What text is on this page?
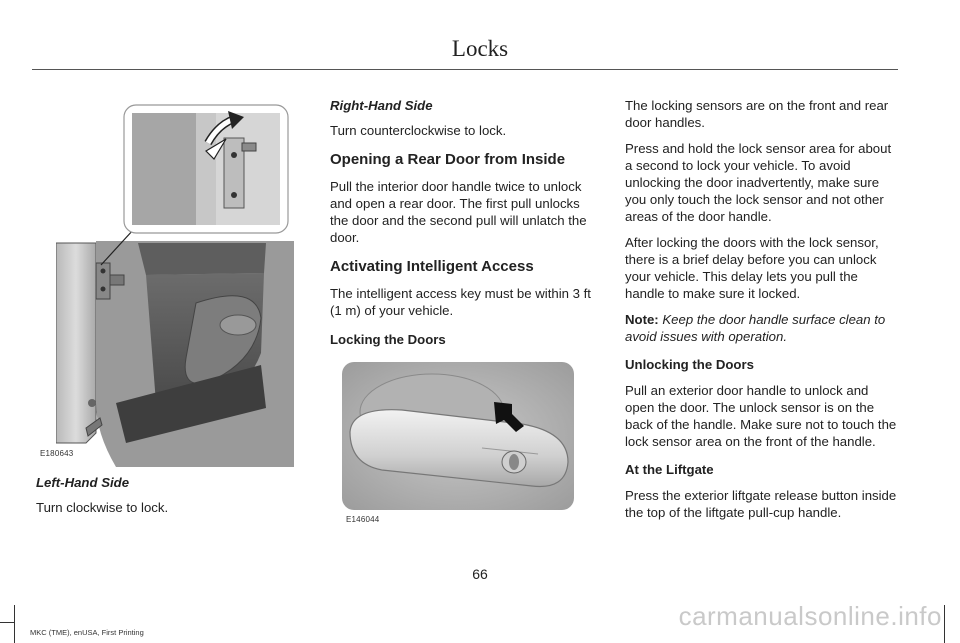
Locks
Left-Hand Side

Turn clockwise to lock.

E180643
Right-Hand Side

Turn counterclockwise to lock.

Opening a Rear Door from Inside

Pull the interior door handle twice to unlock and open a rear door. The first pull unlocks the door and the second pull will unlatch the door.

Activating Intelligent Access

The intelligent access key must be within 3 ft (1 m) of your vehicle.

Locking the Doors
E146044

The locking sensors are on the front and rear door handles.

Press and hold the lock sensor area for about a second to lock your vehicle. To avoid unlocking the door inadvertently, make sure you only touch the lock sensor and not other areas of the door handle.

After locking the doors with the lock sensor, there is a brief delay before you can unlock your vehicle. This delay lets you pull the handle to make sure it locked.

Note: Keep the door handle surface clean to avoid issues with operation.

Unlocking the Doors

Pull an exterior door handle to unlock and open the door. The unlock sensor is on the back of the handle. Make sure not to touch the lock sensor area on the front of the handle.

At the Liftgate

Press the exterior liftgate release button inside the top of the liftgate pull-cup handle.

66
MKC (TME), enUSA, First Printing
carmanualsonline.info
